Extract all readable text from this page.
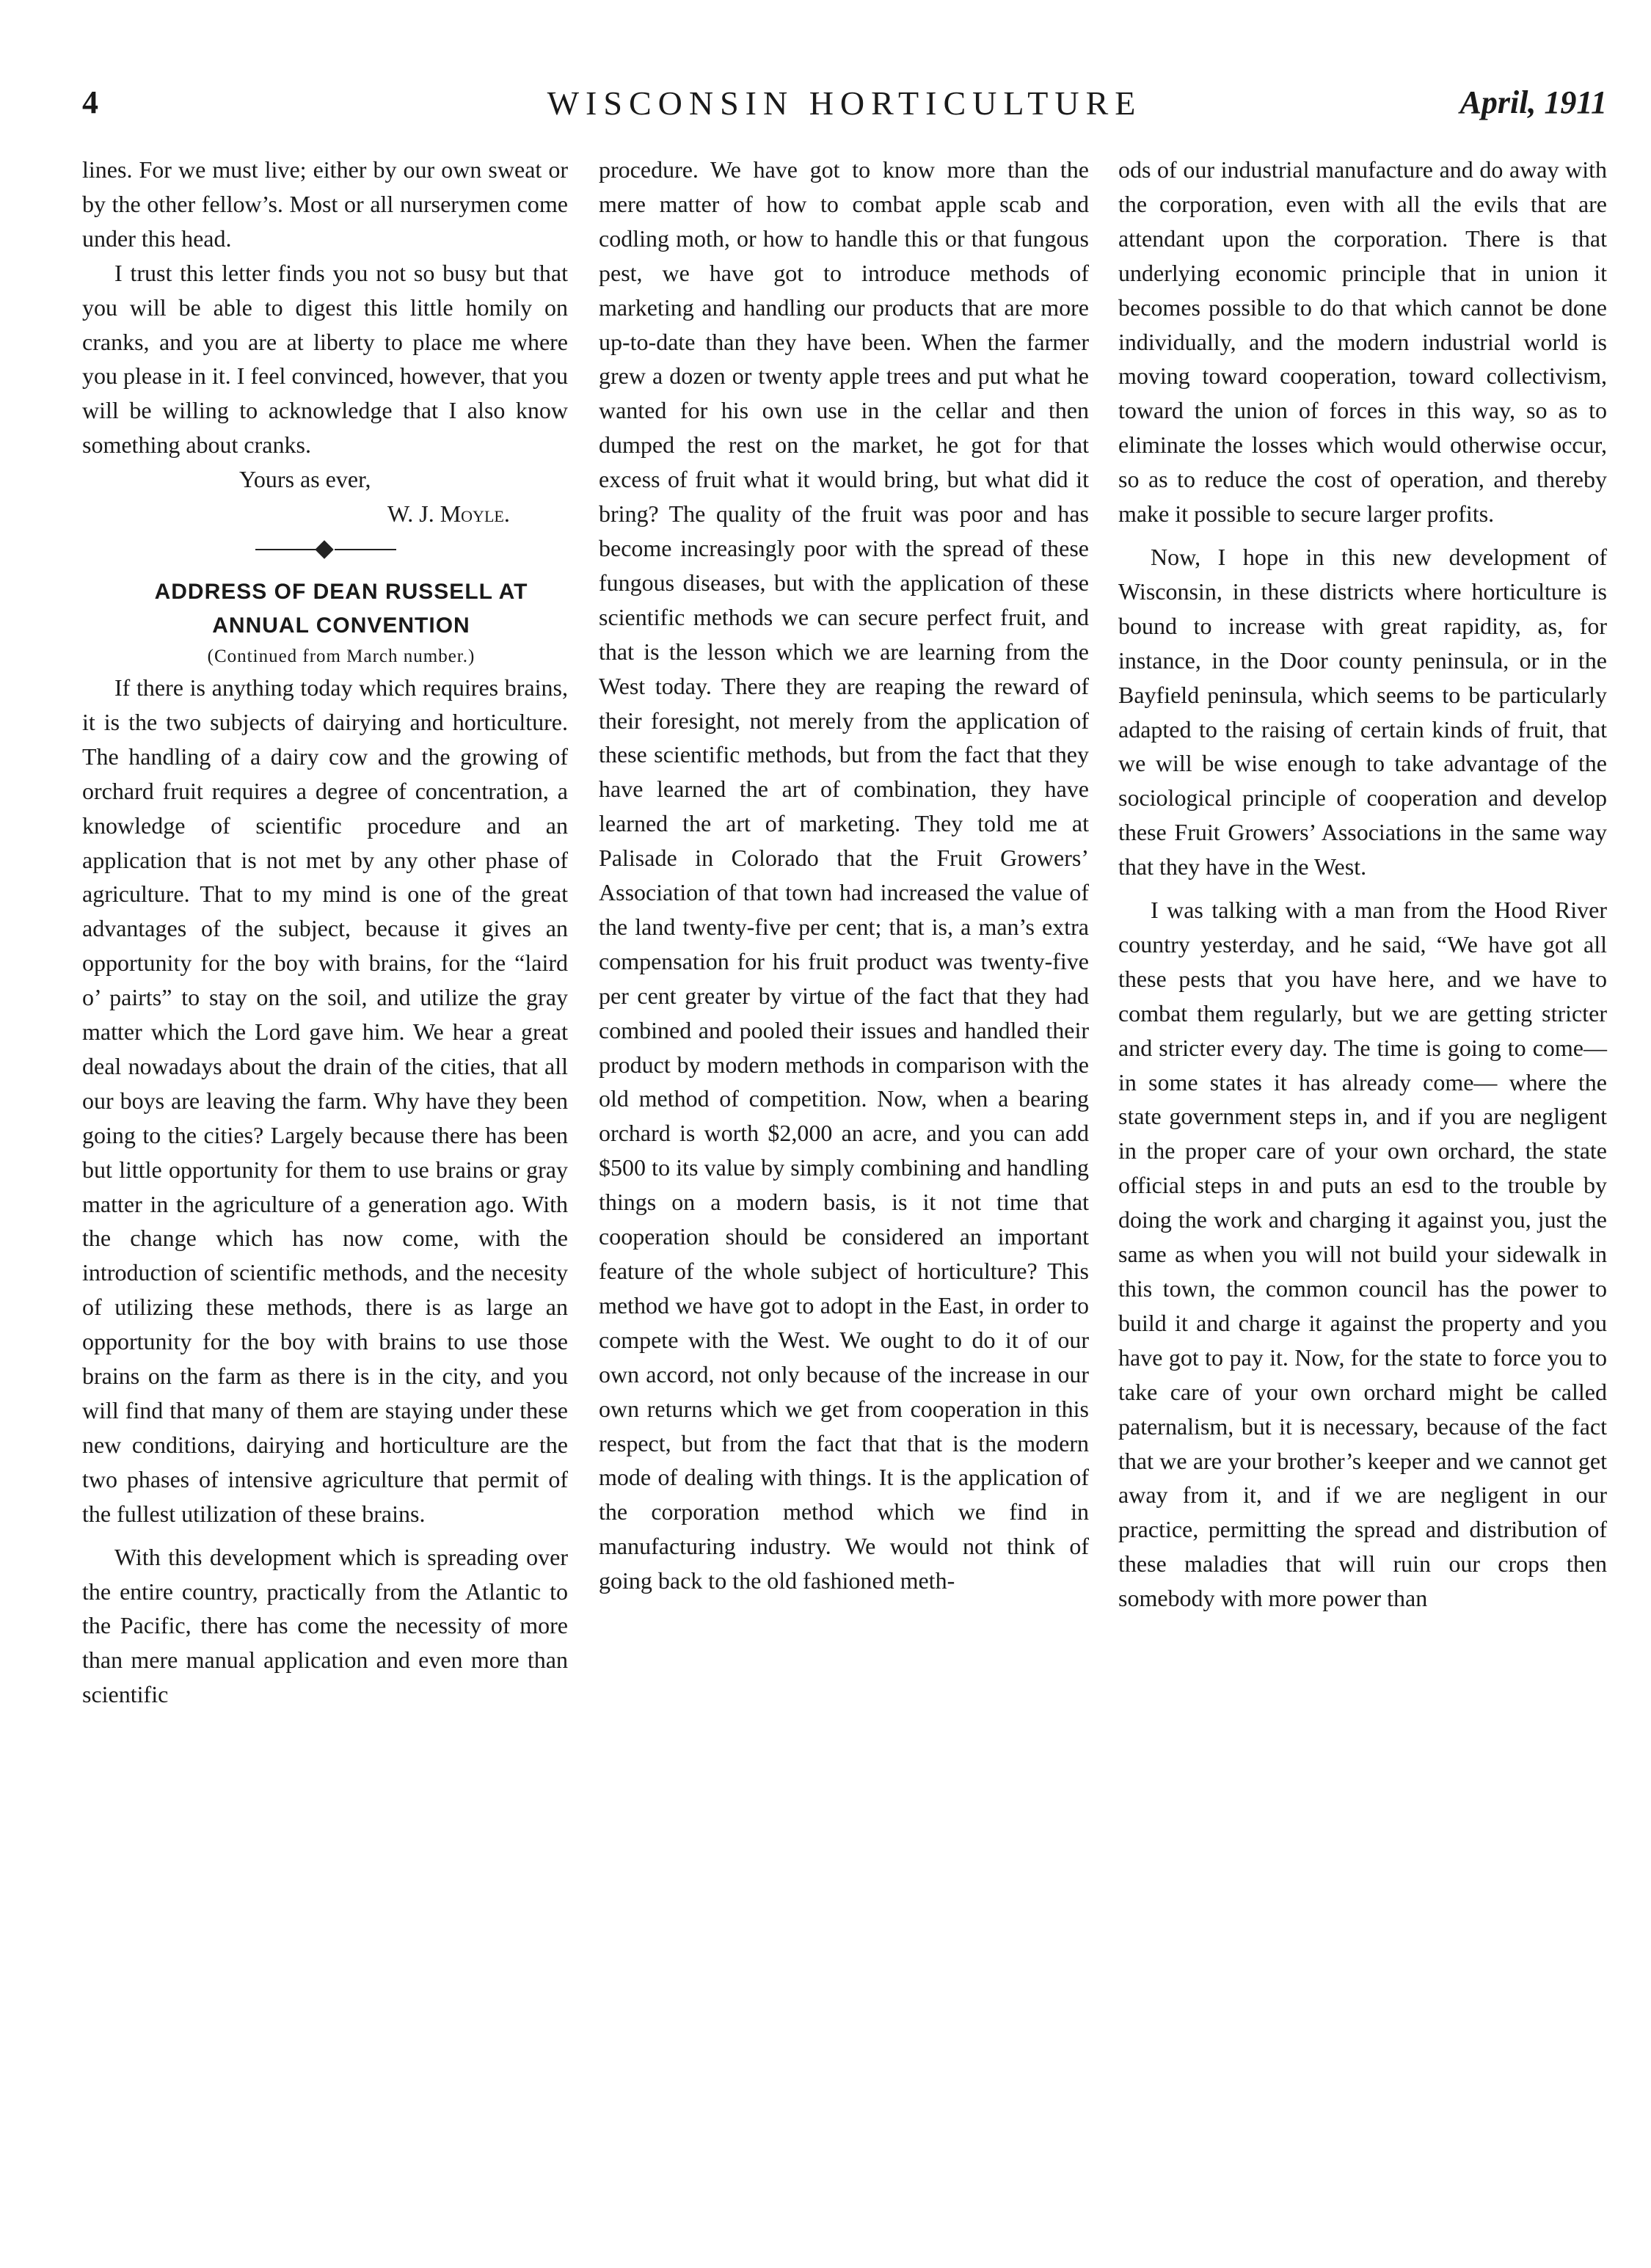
4	WISCONSIN HORTICULTURE	April, 1911

lines. For we must live; either by our own sweat or by the other fellow’s. Most or all nurserymen come under this head.

I trust this letter finds you not so busy but that you will be able to digest this little homily on cranks, and you are at liberty to place me where you please in it. I feel convinced, however, that you will be willing to acknowledge that I also know something about cranks.

Yours as ever,

W. J. Moyle.

ADDRESS OF DEAN RUSSELL AT

ANNUAL CONVENTION

(Continued from March number.)

If there is anything today which requires brains, it is the two subjects of dairying and horticulture. The handling of a dairy cow and the growing of orchard fruit requires a degree of concentration, a knowledge of scientific procedure and an application that is not met by any other phase of agriculture. That to my mind is one of the great advantages of the subject, because it gives an opportunity for the boy with brains, for the “laird o’ pairts” to stay on the soil, and utilize the gray matter which the Lord gave him. We hear a great deal nowadays about the drain of the cities, that all our boys are leaving the farm. Why have they been going to the cities? Largely because there has been but little opportunity for them to use brains or gray matter in the agriculture of a generation ago. With the change which has now come, with the introduction of scientific methods, and the necesity of utilizing these methods, there is as large an opportunity for the boy with brains to use those brains on the farm as there is in the city, and you will find that many of them are staying under these new conditions, dairying and horticulture are the two phases of intensive agriculture that permit of the fullest utilization of these brains.

With this development which is spreading over the entire country, practically from the Atlantic to the Pacific, there has come the necessity of more than mere manual application and even more than scientific

procedure. We have got to know more than the mere matter of how to combat apple scab and codling moth, or how to handle this or that fungous pest, we have got to introduce methods of marketing and handling our products that are more up-to-date than they have been. When the farmer grew a dozen or twenty apple trees and put what he wanted for his own use in the cellar and then dumped the rest on the market, he got for that excess of fruit what it would bring, but what did it bring? The quality of the fruit was poor and has become increasingly poor with the spread of these fungous diseases, but with the application of these scientific methods we can secure perfect fruit, and that is the lesson which we are learning from the West today. There they are reaping the reward of their foresight, not merely from the application of these scientific methods, but from the fact that they have learned the art of combination, they have learned the art of marketing. They told me at Palisade in Colorado that the Fruit Growers’ Association of that town had increased the value of the land twenty-five per cent; that is, a man’s extra compensation for his fruit product was twenty-five per cent greater by virtue of the fact that they had combined and pooled their issues and handled their product by modern methods in comparison with the old method of competition. Now, when a bearing orchard is worth $2,000 an acre, and you can add $500 to its value by simply combining and handling things on a modern basis, is it not time that cooperation should be considered an important feature of the whole subject of horticulture? This method we have got to adopt in the East, in order to compete with the West. We ought to do it of our own accord, not only because of the increase in our own returns which we get from cooperation in this respect, but from the fact that that is the modern mode of dealing with things. It is the application of the corporation method which we find in manufacturing industry. We would not think of going back to the old fashioned meth-

ods of our industrial manufacture and do away with the corporation, even with all the evils that are attendant upon the corporation. There is that underlying economic principle that in union it becomes possible to do that which cannot be done individually, and the modern industrial world is moving toward cooperation, toward collectivism, toward the union of forces in this way, so as to eliminate the losses which would otherwise occur, so as to reduce the cost of operation, and thereby make it possible to secure larger profits.

Now, I hope in this new development of Wisconsin, in these districts where horticulture is bound to increase with great rapidity, as, for instance, in the Door county peninsula, or in the Bayfield peninsula, which seems to be particularly adapted to the raising of certain kinds of fruit, that we will be wise enough to take advantage of the sociological principle of cooperation and develop these Fruit Growers’ Associations in the same way that they have in the West.

I was talking with a man from the Hood River country yesterday, and he said, “We have got all these pests that you have here, and we have to combat them regularly, but we are getting stricter and stricter every day. The time is going to come— in some states it has already come— where the state government steps in, and if you are negligent in the proper care of your own orchard, the state official steps in and puts an esd to the trouble by doing the work and charging it against you, just the same as when you will not build your sidewalk in this town, the common council has the power to build it and charge it against the property and you have got to pay it. Now, for the state to force you to take care of your own orchard might be called paternalism, but it is necessary, because of the fact that we are your brother’s keeper and we cannot get away from it, and if we are negligent in our practice, permitting the spread and distribution of these maladies that will ruin our crops then somebody with more power than
